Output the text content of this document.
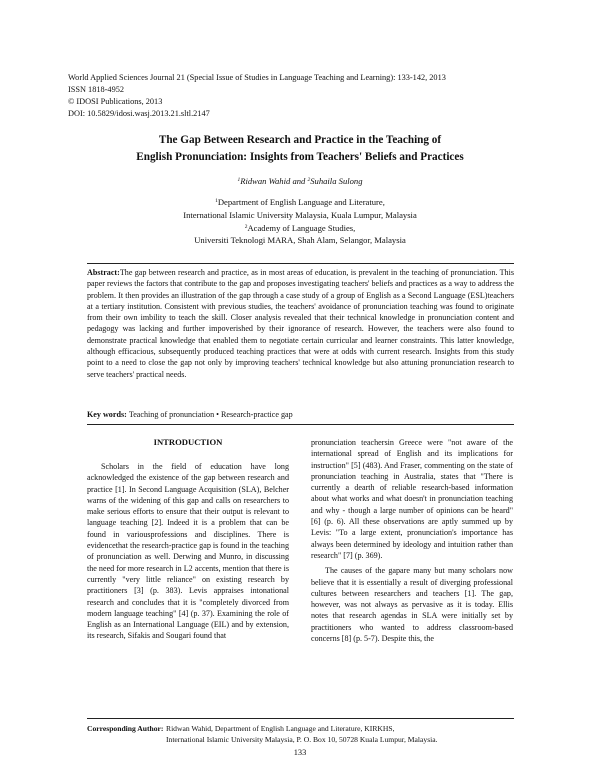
World Applied Sciences Journal 21 (Special Issue of Studies in Language Teaching and Learning): 133-142, 2013
ISSN 1818-4952
© IDOSI Publications, 2013
DOI: 10.5829/idosi.wasj.2013.21.sltl.2147
The Gap Between Research and Practice in the Teaching of
English Pronunciation: Insights from Teachers' Beliefs and Practices
$^1$Ridwan Wahid and $^2$Suhaila Sulong
$^1$Department of English Language and Literature,
International Islamic University Malaysia, Kuala Lumpur, Malaysia
$^2$Academy of Language Studies,
Universiti Teknologi MARA, Shah Alam, Selangor, Malaysia
Abstract:The gap between research and practice, as in most areas of education, is prevalent in the teaching of pronunciation. This paper reviews the factors that contribute to the gap and proposes investigating teachers' beliefs and practices as a way to address the problem. It then provides an illustration of the gap through a case study of a group of English as a Second Language (ESL)teachers at a tertiary institution. Consistent with previous studies, the teachers' avoidance of pronunciation teaching was found to originate from their own imbility to teach the skill. Closer analysis revealed that their technical knowledge in pronunciation content and pedagogy was lacking and further impoverished by their ignorance of research. However, the teachers were also found to demonstrate practical knowledge that enabled them to negotiate certain curricular and learner constraints. This latter knowledge, although efficacious, subsequently produced teaching practices that were at odds with current research. Insights from this study point to a need to close the gap not only by improving teachers' technical knowledge but also attuning pronunciation research to serve teachers' practical needs.
Key words: Teaching of pronunciation • Research-practice gap
INTRODUCTION

Scholars in the field of education have long acknowledged the existence of the gap between research and practice [1]. In Second Language Acquisition (SLA), Belcher warns of the widening of this gap and calls on researchers to make serious efforts to ensure that their output is relevant to language teaching [2]. Indeed it is a problem that can be found in variousprofessions and disciplines. There is evidencethat the research-practice gap is found in the teaching of pronunciation as well. Derwing and Munro, in discussing the need for more research in L2 accents, mention that there is currently "very little reliance" on existing research by practitioners [3] (p. 383). Levis appraises intonational research and concludes that it is "completely divorced from modern language teaching" [4] (p. 37). Examining the role of English as an International Language (EIL) and by extension, its research, Sifakis and Sougari found that

pronunciation teachersin Greece were "not aware of the international spread of English and its implications for instruction" [5] (483). And Fraser, commenting on the state of pronunciation teaching in Australia, states that "There is currently a dearth of reliable research-based information about what works and what doesn't in pronunciation teaching and why - though a large number of opinions can be heard" [6] (p. 6). All these observations are aptly summed up by Levis: "To a large extent, pronunciation's importance has always been determined by ideology and intuition rather than research" [7] (p. 369).

The causes of the gapare many but many scholars now believe that it is essentially a result of diverging professional cultures between researchers and teachers [1]. The gap, however, was not always as pervasive as it is today. Ellis notes that research agendas in SLA were initially set by practitioners who wanted to address classroom-based concerns [8] (p. 5-7). Despite this, the

Corresponding Author: Ridwan Wahid, Department of English Language and Literature, KIRKHS,
International Islamic University Malaysia, P. O. Box 10, 50728 Kuala Lumpur, Malaysia.
133
